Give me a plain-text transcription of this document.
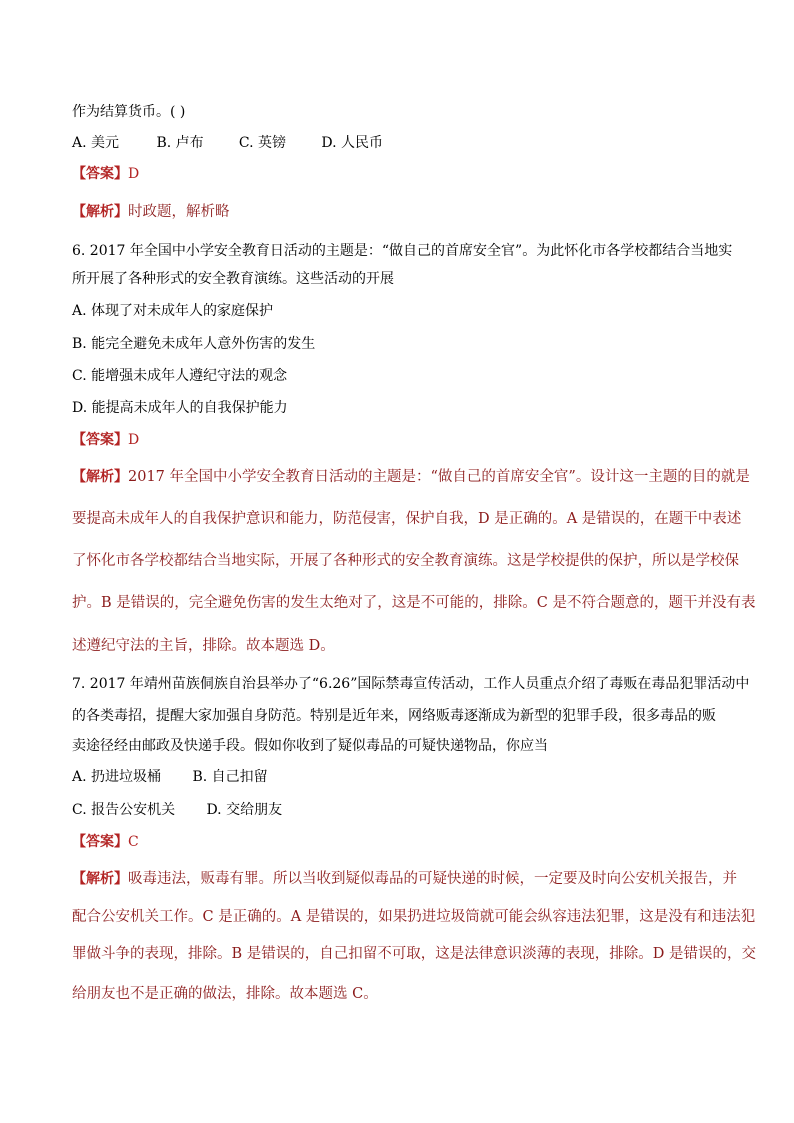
作为结算货币。( )
A. 美元	B. 卢布	C. 英镑	D. 人民币
【答案】D
【解析】时政题，解析略
6. 2017 年全国中小学安全教育日活动的主题是：“做自己的首席安全官”。为此怀化市各学校都结合当地实
所开展了各种形式的安全教育演练。这些活动的开展
A. 体现了对未成年人的家庭保护
B. 能完全避免未成年人意外伤害的发生
C. 能增强未成年人遵纪守法的观念
D. 能提高未成年人的自我保护能力
【答案】D
【解析】2017 年全国中小学安全教育日活动的主题是：“做自己的首席安全官”。设计这一主题的目的就是
要提高未成年人的自我保护意识和能力，防范侵害，保护自我，D 是正确的。A 是错误的，在题干中表述
了怀化市各学校都结合当地实际，开展了各种形式的安全教育演练。这是学校提供的保护，所以是学校保
护。B 是错误的，完全避免伤害的发生太绝对了，这是不可能的，排除。C 是不符合题意的，题干并没有表
述遵纪守法的主旨，排除。故本题选 D。
7. 2017 年靖州苗族侗族自治县举办了“6.26”国际禁毒宣传活动，工作人员重点介绍了毒贩在毒品犯罪活动中
的各类毒招，提醒大家加强自身防范。特别是近年来，网络贩毒逐渐成为新型的犯罪手段，很多毒品的贩
卖途径经由邮政及快递手段。假如你收到了疑似毒品的可疑快递物品，你应当
A. 扔进垃圾桶 B. 自己扣留
C. 报告公安机关 D. 交给朋友
【答案】C
【解析】吸毒违法，贩毒有罪。所以当收到疑似毒品的可疑快递的时候，一定要及时向公安机关报告，并
配合公安机关工作。C 是正确的。A 是错误的，如果扔进垃圾筒就可能会纵容违法犯罪，这是没有和违法犯
罪做斗争的表现，排除。B 是错误的，自己扣留不可取，这是法律意识淡薄的表现，排除。D 是错误的，交
给朋友也不是正确的做法，排除。故本题选 C。
